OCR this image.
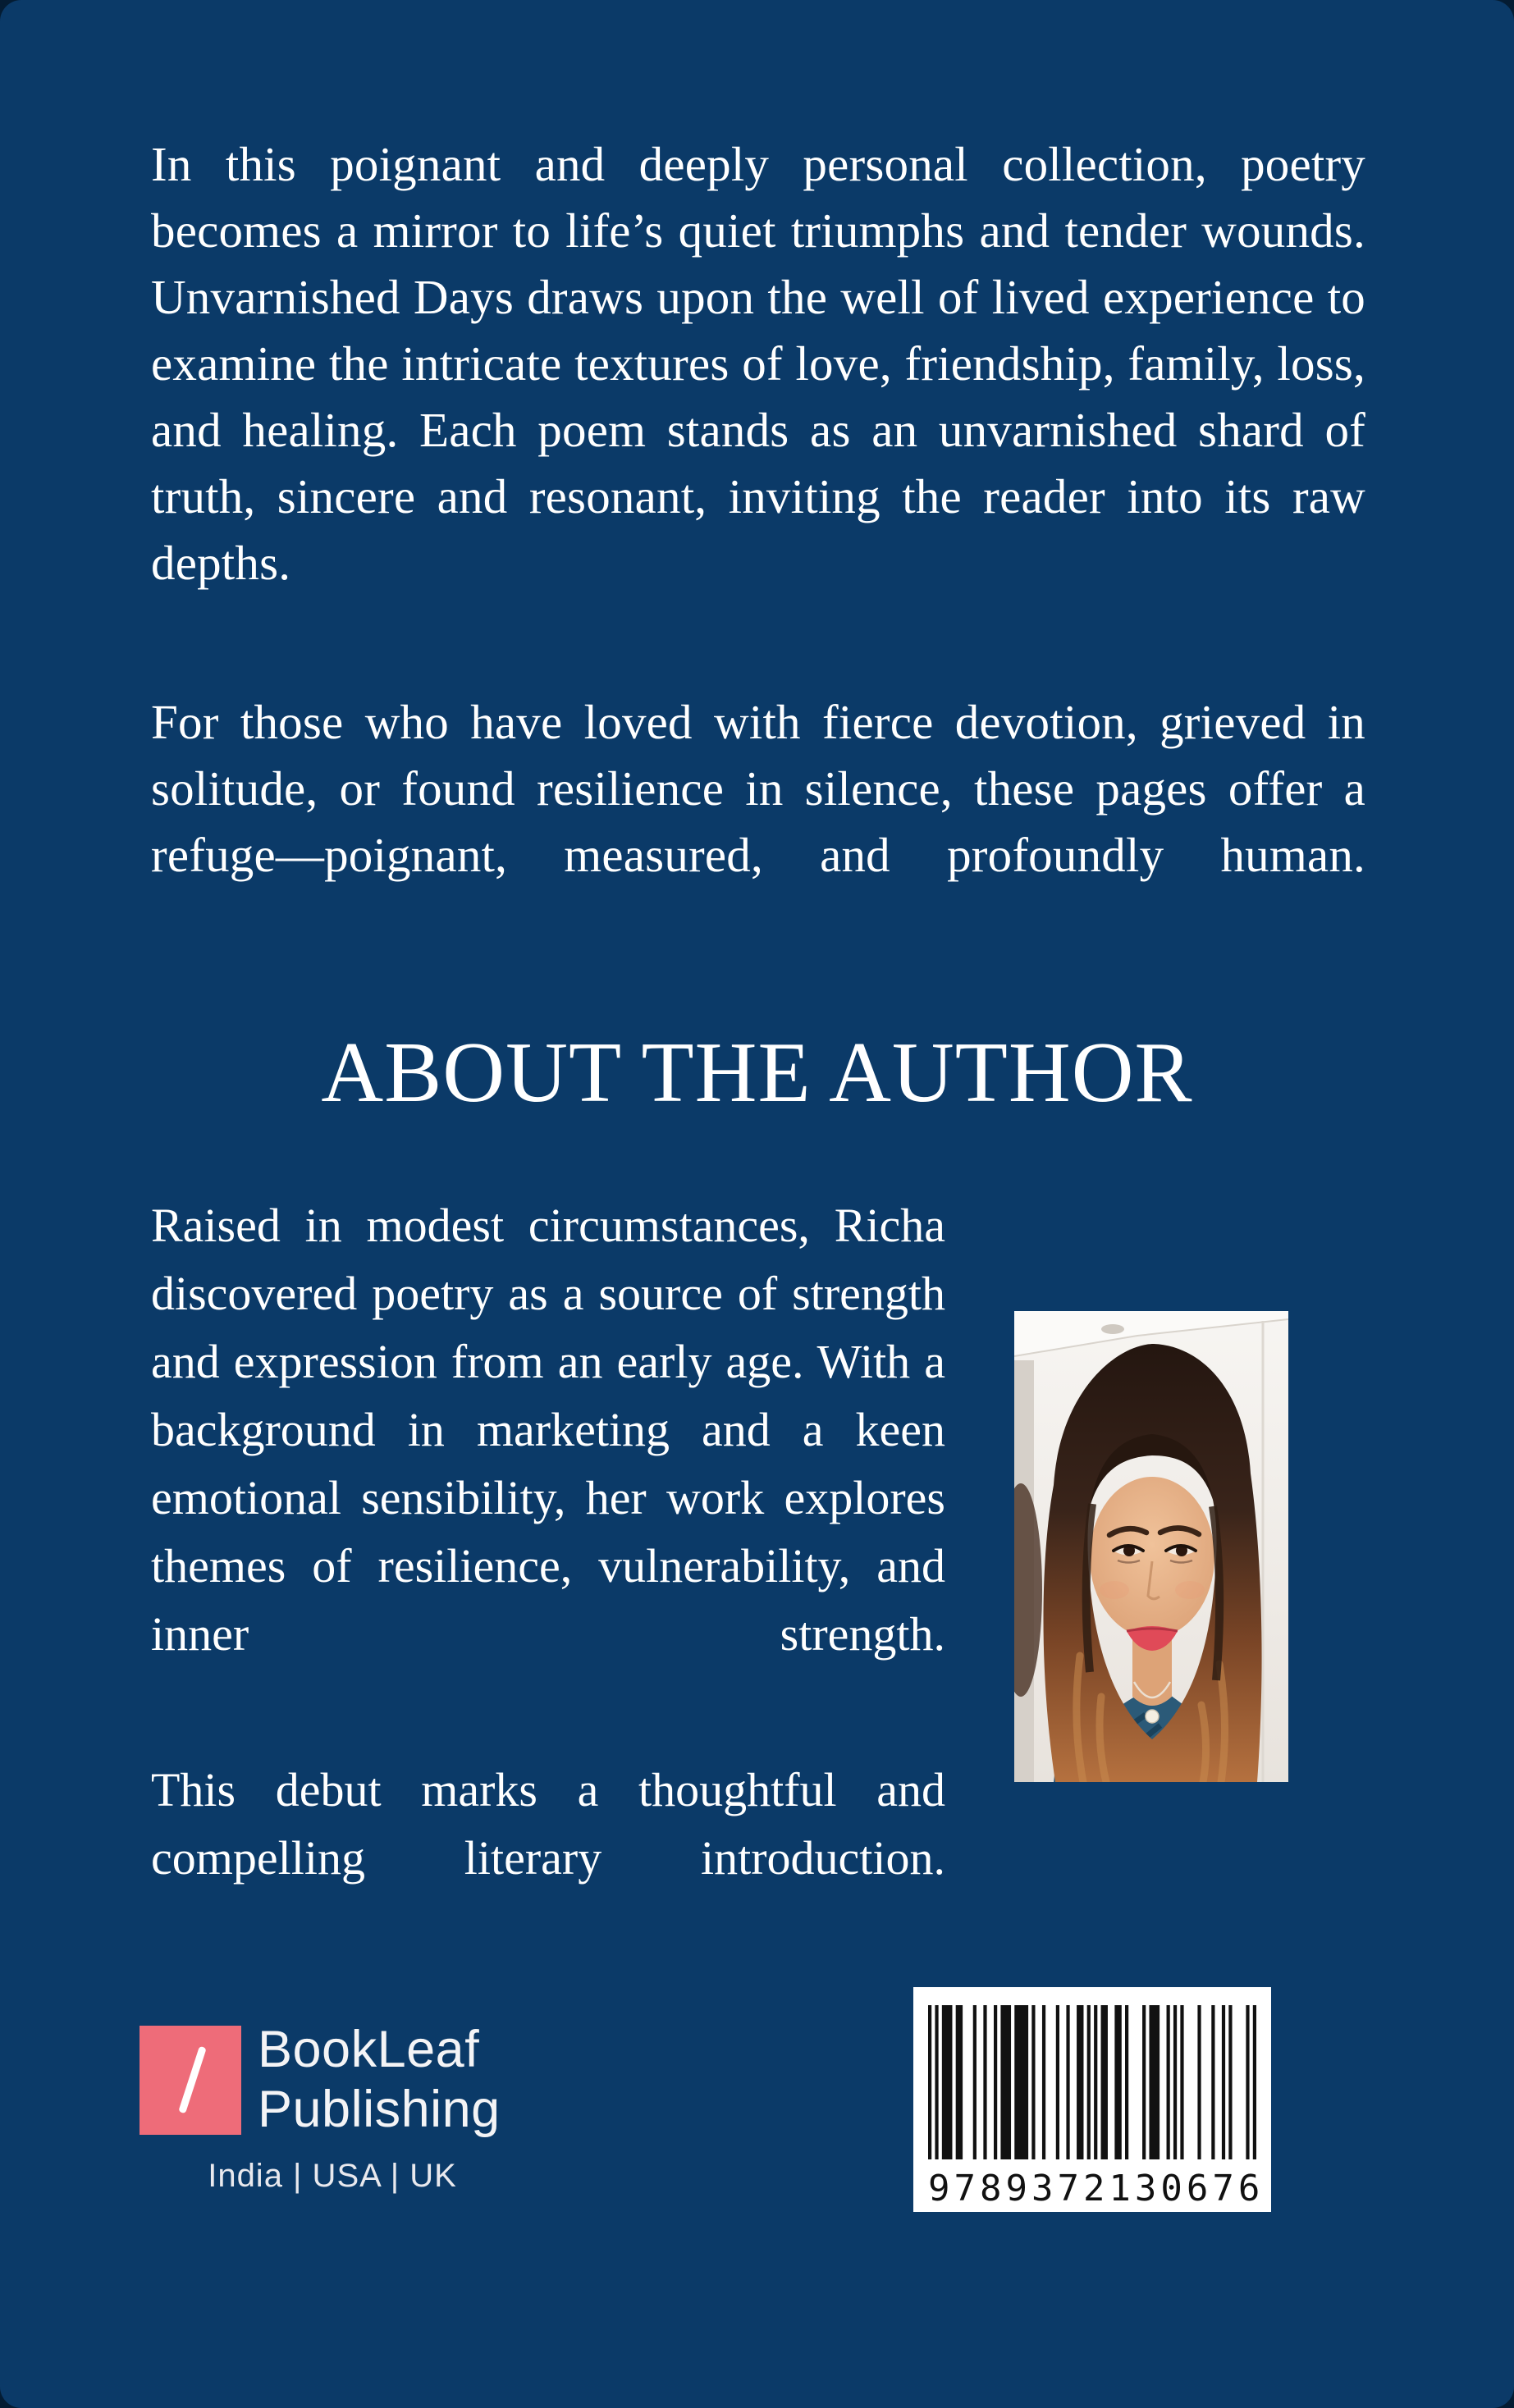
In this poignant and deeply personal collection, poetry becomes a mirror to life’s quiet triumphs and tender wounds. Unvarnished Days draws upon the well of lived experience to examine the intricate textures of love, friendship, family, loss, and healing. Each poem stands as an unvarnished shard of truth, sincere and resonant, inviting the reader into its raw depths.

For those who have loved with fierce devotion, grieved in solitude, or found resilience in silence, these pages offer a refuge—poignant, measured, and profoundly human.

ABOUT THE AUTHOR

Raised in modest circumstances, Richa discovered poetry as a source of strength and expression from an early age. With a background in marketing and a keen emotional sensibility, her work explores themes of resilience, vulnerability, and inner strength.

This debut marks a thoughtful and compelling literary introduction.

BookLeaf
Publishing
India | USA | UK	9789372130676
